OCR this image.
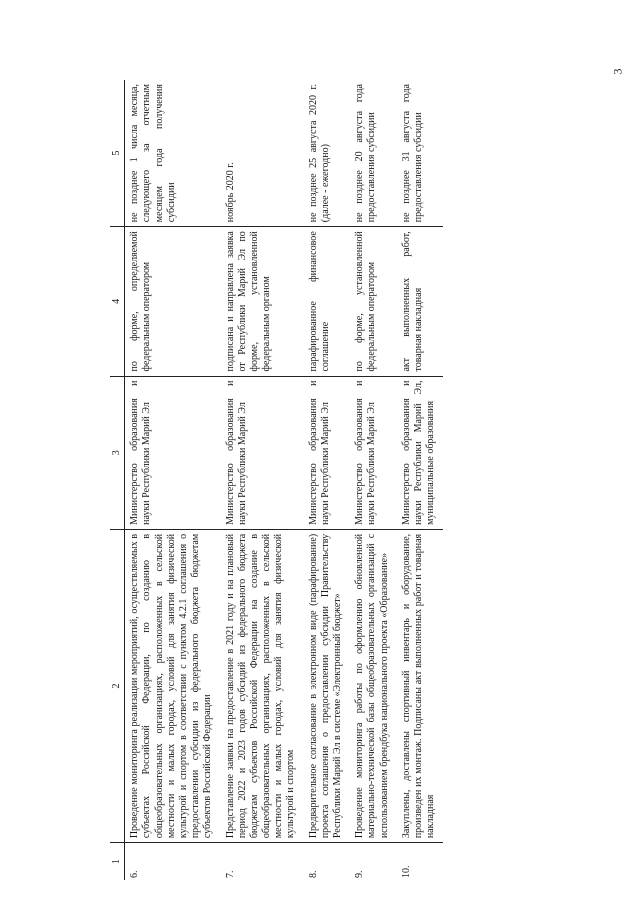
3
1	2	3	4	5
6.	Проведение мониторинга реализации мероприятий, осуществляемых в субъектах Российской Федерации, по созданию в общеобразовательных организациях, расположенных в сельской местности и малых городах, условий для занятия физической культурой и спортом в соответствии с пунктом 4.2.1 соглашения о предоставлении субсидии из федерального бюджета бюджетам субъектов Российской Федерации	Министерство образования и науки Республики Марий Эл	по форме, определяемой федеральным оператором	не позднее 1 числа месяца, следующего за отчетным месяцем года получения субсидии
7.	Представление заявки на предоставление в 2021 году и на плановый период 2022 и 2023 годов субсидий из федерального бюджета бюджетам субъектов Российской Федерации на создание в общеобразовательных организациях, расположенных в сельской местности и малых городах, условий для занятия физической культурой и спортом	Министерство образования и науки Республики Марий Эл	подписана и направлена заявка от Республики Марий Эл по форме, установленной федеральным органом	ноябрь 2020 г.
8.	Предварительное согласование в электронном виде (парафирование) проекта соглашения о предоставлении субсидии Правительству Республики Марий Эл в системе «Электронный бюджет»	Министерство образования и науки Республики Марий Эл	парафированное финансовое соглашение	не позднее 25 августа 2020 г. (далее - ежегодно)
9.	Проведение мониторинга работы по оформлению обновленной материально-технической базы общеобразовательных организаций с использованием брендбука национального проекта «Образование»	Министерство образования и науки Республики Марий Эл	по форме, установленной федеральным оператором	не позднее 20 августа года предоставления субсидии
10.	Закуплены, доставлены спортивный инвентарь и оборудование, произведен их монтаж. Подписаны акт выполненных работ и товарная накладная	Министерство образования и науки Республики Марий Эл, муниципальные образования	акт выполненных работ, товарная накладная	не позднее 31 августа года предоставления субсидии
